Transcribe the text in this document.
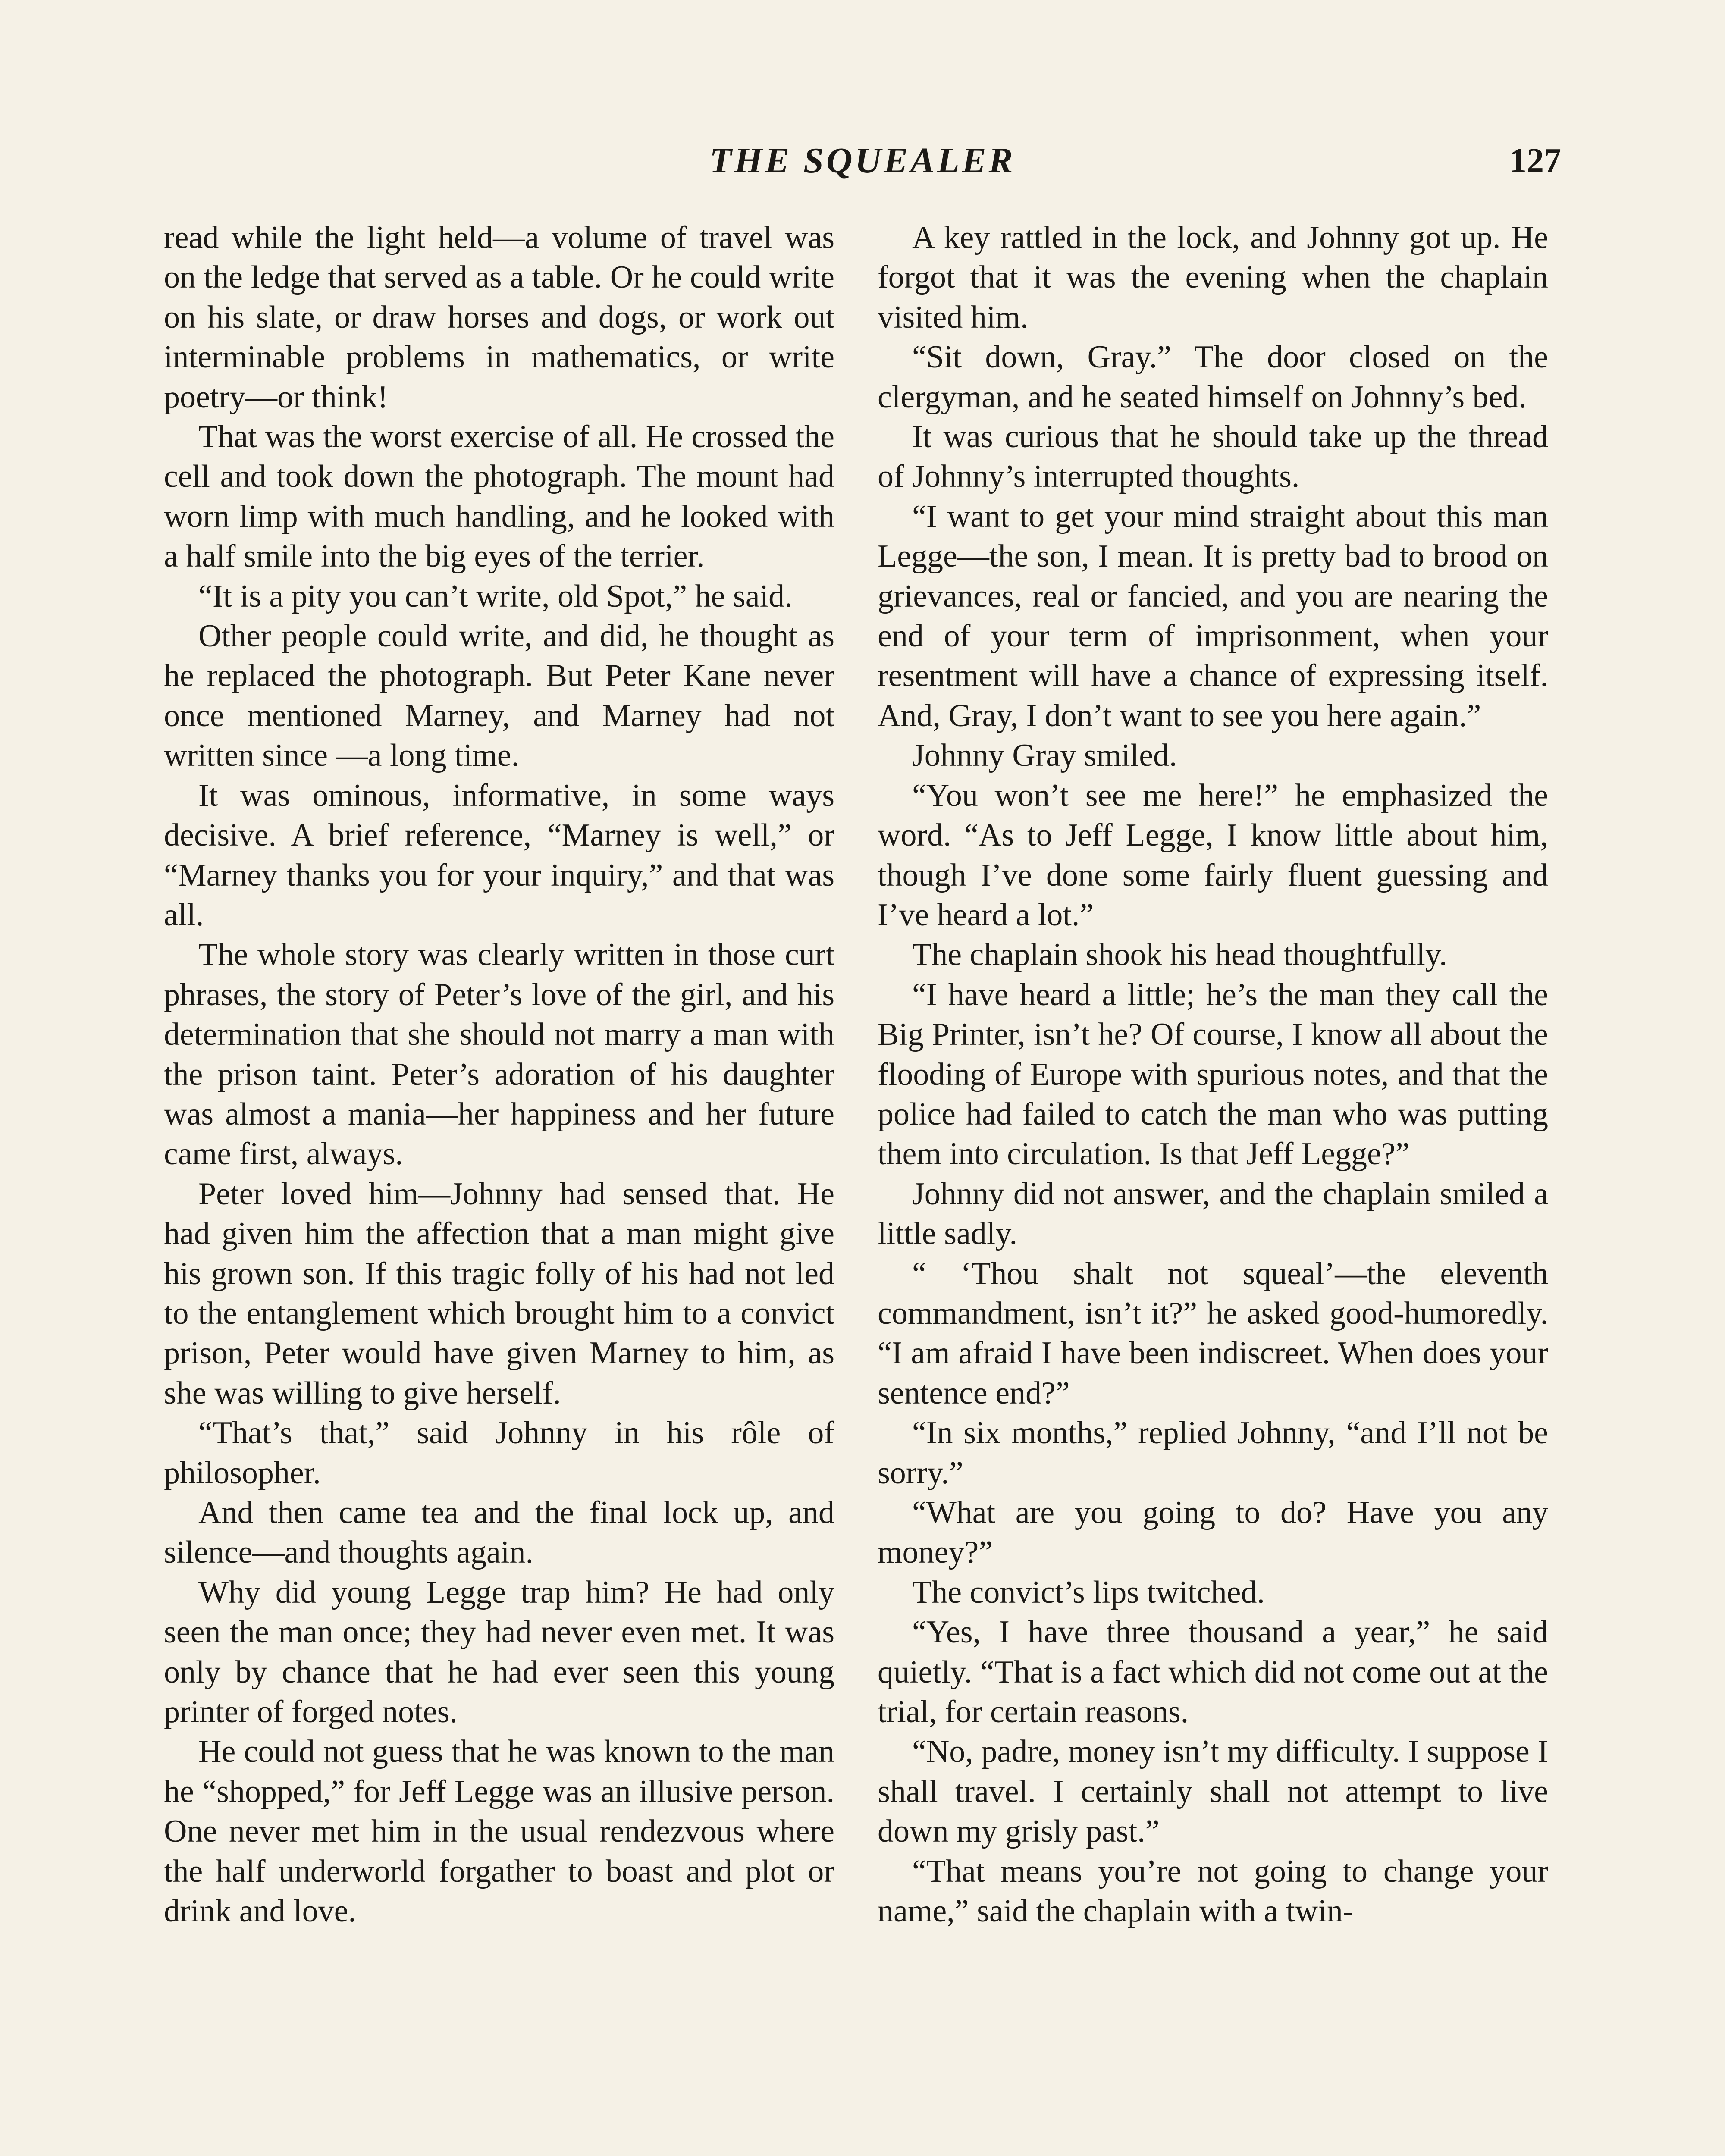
THE SQUEALER	127

read while the light held—a volume of travel was on the ledge that served as a table. Or he could write on his slate, or draw horses and dogs, or work out interminable problems in mathematics, or write poetry—or think!

That was the worst exercise of all. He crossed the cell and took down the photograph. The mount had worn limp with much handling, and he looked with a half smile into the big eyes of the terrier.

“It is a pity you can’t write, old Spot,” he said.

Other people could write, and did, he thought as he replaced the photograph. But Peter Kane never once mentioned Marney, and Marney had not written since —a long time.

It was ominous, informative, in some ways decisive. A brief reference, “Marney is well,” or “Marney thanks you for your inquiry,” and that was all.

The whole story was clearly written in those curt phrases, the story of Peter’s love of the girl, and his determination that she should not marry a man with the prison taint. Peter’s adoration of his daughter was almost a mania—her happiness and her future came first, always.

Peter loved him—Johnny had sensed that. He had given him the affection that a man might give his grown son. If this tragic folly of his had not led to the entanglement which brought him to a convict prison, Peter would have given Marney to him, as she was willing to give herself.

“That’s that,” said Johnny in his rôle of philosopher.

And then came tea and the final lock up, and silence—and thoughts again.

Why did young Legge trap him? He had only seen the man once; they had never even met. It was only by chance that he had ever seen this young printer of forged notes.

He could not guess that he was known to the man he “shopped,” for Jeff Legge was an illusive person. One never met him in the usual rendezvous where the half underworld forgather to boast and plot or drink and love.

A key rattled in the lock, and Johnny got up. He forgot that it was the evening when the chaplain visited him.

“Sit down, Gray.” The door closed on the clergyman, and he seated himself on Johnny’s bed.

It was curious that he should take up the thread of Johnny’s interrupted thoughts.

“I want to get your mind straight about this man Legge—the son, I mean. It is pretty bad to brood on grievances, real or fancied, and you are nearing the end of your term of imprisonment, when your resentment will have a chance of expressing itself. And, Gray, I don’t want to see you here again.”

Johnny Gray smiled.

“You won’t see me here!” he emphasized the word. “As to Jeff Legge, I know little about him, though I’ve done some fairly fluent guessing and I’ve heard a lot.”

The chaplain shook his head thoughtfully.

“I have heard a little; he’s the man they call the Big Printer, isn’t he? Of course, I know all about the flooding of Europe with spurious notes, and that the police had failed to catch the man who was putting them into circulation. Is that Jeff Legge?”

Johnny did not answer, and the chaplain smiled a little sadly.

“ ‘Thou shalt not squeal’—the eleventh commandment, isn’t it?” he asked good-humoredly. “I am afraid I have been indiscreet. When does your sentence end?”

“In six months,” replied Johnny, “and I’ll not be sorry.”

“What are you going to do? Have you any money?”

The convict’s lips twitched.

“Yes, I have three thousand a year,” he said quietly. “That is a fact which did not come out at the trial, for certain reasons.

“No, padre, money isn’t my difficulty. I suppose I shall travel. I certainly shall not attempt to live down my grisly past.”

“That means you’re not going to change your name,” said the chaplain with a twin-
